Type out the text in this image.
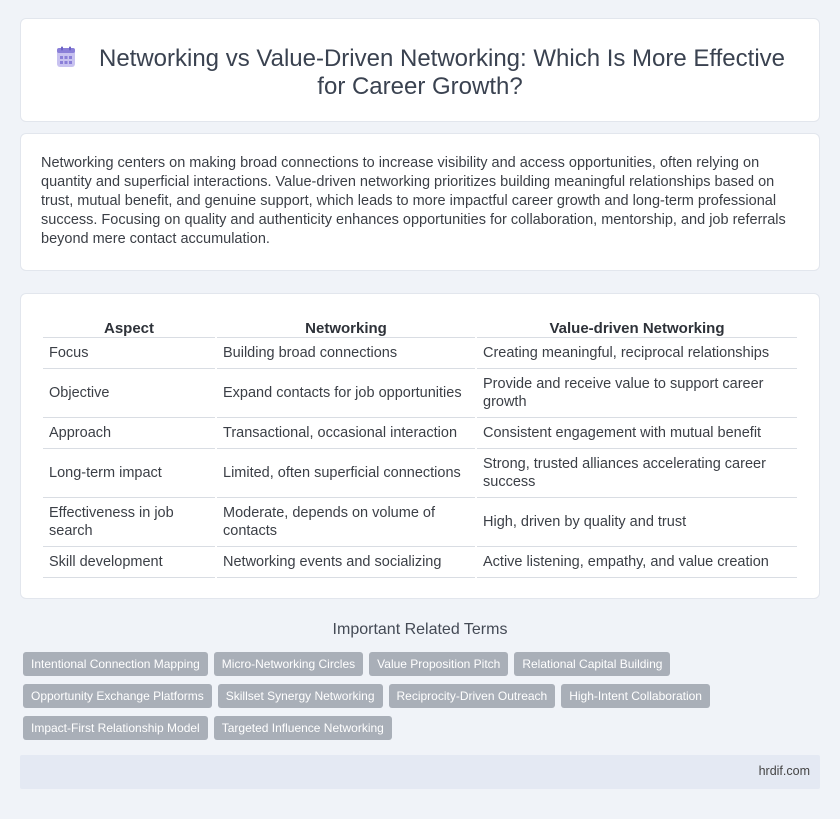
Networking vs Value-Driven Networking: Which Is More Effective for Career Growth?

Networking centers on making broad connections to increase visibility and access opportunities, often relying on quantity and superficial interactions. Value-driven networking prioritizes building meaningful relationships based on trust, mutual benefit, and genuine support, which leads to more impactful career growth and long-term professional success. Focusing on quality and authenticity enhances opportunities for collaboration, mentorship, and job referrals beyond mere contact accumulation.

Aspect	Networking	Value-driven Networking
Focus	Building broad connections	Creating meaningful, reciprocal relationships
Objective	Expand contacts for job opportunities	Provide and receive value to support career growth
Approach	Transactional, occasional interaction	Consistent engagement with mutual benefit
Long-term impact	Limited, often superficial connections	Strong, trusted alliances accelerating career success
Effectiveness in job search	Moderate, depends on volume of contacts	High, driven by quality and trust
Skill development	Networking events and socializing	Active listening, empathy, and value creation
Important Related Terms
Intentional Connection Mapping	Micro-Networking Circles	Value Proposition Pitch	Relational Capital Building
Opportunity Exchange Platforms	Skillset Synergy Networking	Reciprocity-Driven Outreach	High-Intent Collaboration
Impact-First Relationship Model	Targeted Influence Networking
hrdif.com
